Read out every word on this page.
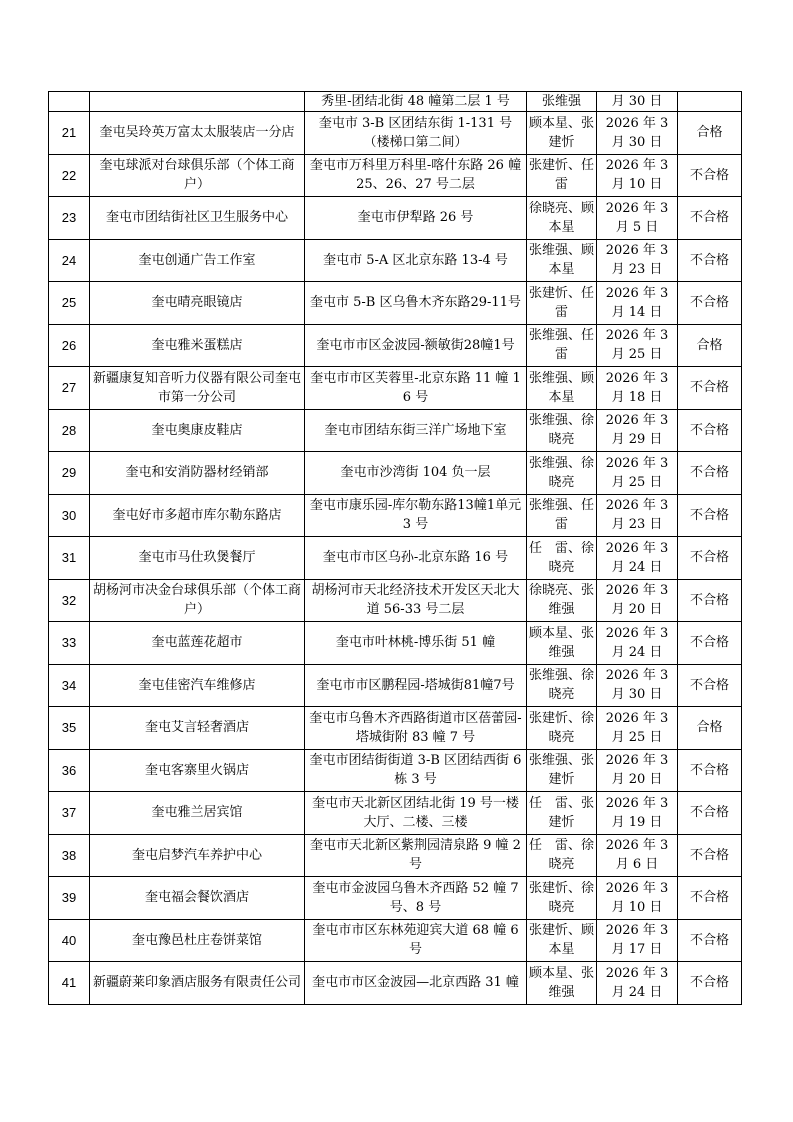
		秀里-团结北街 48 幢第二层 1 号	张维强	月 30 日	
21	奎屯吴玲英万富太太服装店一分店	奎屯市 3-B 区团结东街 1-131 号（楼梯口第二间）	顾本星、张建忻	2026 年 3 月 30 日	合格
22	奎屯球派对台球俱乐部（个体工商户）	奎屯市万科里万科里-喀什东路 26 幢 25、26、27 号二层	张建忻、任　雷	2026 年 3 月 10 日	不合格
23	奎屯市团结街社区卫生服务中心	奎屯市伊犁路 26 号	徐晓亮、顾本星	2026 年 3 月 5 日	不合格
24	奎屯创通广告工作室	奎屯市 5-A 区北京东路 13-4 号	张维强、顾本星	2026 年 3 月 23 日	不合格
25	奎屯晴亮眼镜店	奎屯市 5-B 区乌鲁木齐东路29-11号	张建忻、任　雷	2026 年 3 月 14 日	不合格
26	奎屯雅米蛋糕店	奎屯市市区金波园-额敏街28幢1号	张维强、任　雷	2026 年 3 月 25 日	合格
27	新疆康复知音听力仪器有限公司奎屯市第一分公司	奎屯市市区芙蓉里-北京东路 11 幢 16 号	张维强、顾本星	2026 年 3 月 18 日	不合格
28	奎屯奥康皮鞋店	奎屯市团结东街三洋广场地下室	张维强、徐晓亮	2026 年 3 月 29 日	不合格
29	奎屯和安消防器材经销部	奎屯市沙湾街 104 负一层	张维强、徐晓亮	2026 年 3 月 25 日	不合格
30	奎屯好市多超市库尔勒东路店	奎屯市康乐园-库尔勒东路13幢1单元 3 号	张维强、任　雷	2026 年 3 月 23 日	不合格
31	奎屯市马仕玖煲餐厅	奎屯市市区乌孙-北京东路 16 号	任　雷、徐晓亮	2026 年 3 月 24 日	不合格
32	胡杨河市决金台球俱乐部（个体工商户）	胡杨河市天北经济技术开发区天北大道 56-33 号二层	徐晓亮、张维强	2026 年 3 月 20 日	不合格
33	奎屯蓝莲花超市	奎屯市叶林桃-博乐街 51 幢	顾本星、张维强	2026 年 3 月 24 日	不合格
34	奎屯佳密汽车维修店	奎屯市市区鹏程园-塔城街81幢7号	张维强、徐晓亮	2026 年 3 月 30 日	不合格
35	奎屯艾言轻奢酒店	奎屯市乌鲁木齐西路街道市区蓓蕾园-塔城街附 83 幢 7 号	张建忻、徐晓亮	2026 年 3 月 25 日	合格
36	奎屯客寨里火锅店	奎屯市团结街街道 3-B 区团结西街 6 栋 3 号	张维强、张建忻	2026 年 3 月 20 日	不合格
37	奎屯雅兰居宾馆	奎屯市天北新区团结北街 19 号一楼大厅、二楼、三楼	任　雷、张建忻	2026 年 3 月 19 日	不合格
38	奎屯启梦汽车养护中心	奎屯市天北新区紫荆园清泉路 9 幢 2 号	任　雷、徐晓亮	2026 年 3 月 6 日	不合格
39	奎屯福会餐饮酒店	奎屯市金波园乌鲁木齐西路 52 幢 7 号、8 号	张建忻、徐晓亮	2026 年 3 月 10 日	不合格
40	奎屯豫邑杜庄卷饼菜馆	奎屯市市区东林苑迎宾大道 68 幢 6 号	张建忻、顾本星	2026 年 3 月 17 日	不合格
41	新疆蔚莱印象酒店服务有限责任公司	奎屯市市区金波园—北京西路 31 幢	顾本星、张维强	2026 年 3 月 24 日	不合格
